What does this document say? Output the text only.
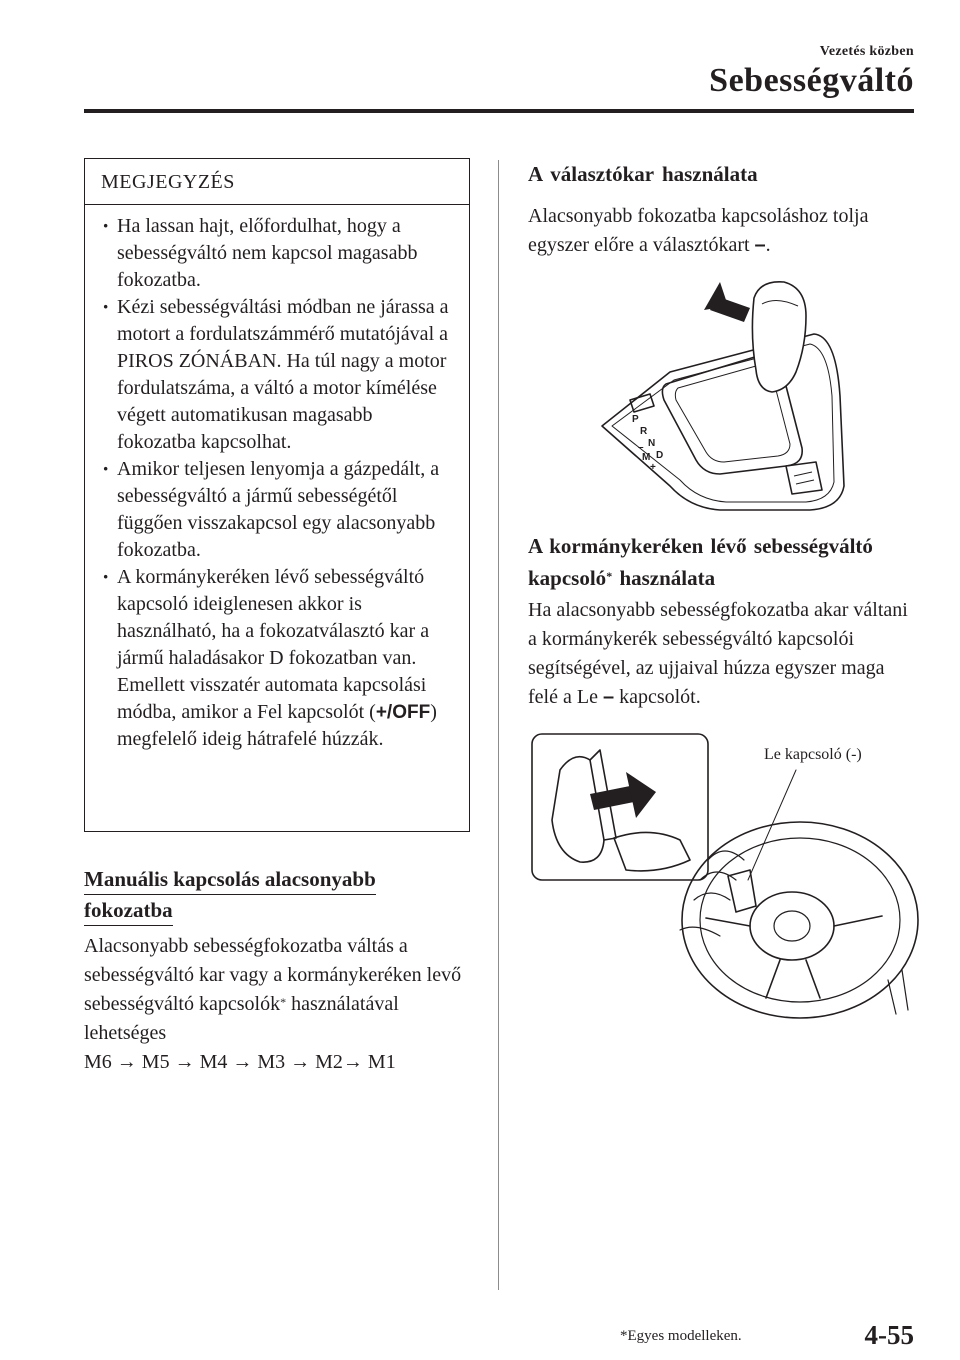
Vezetés közben
Sebességváltó
MEGJEGYZÉS
· Ha lassan hajt, előfordulhat, hogy a sebességváltó nem kapcsol magasabb fokozatba.
· Kézi sebességváltási módban ne járassa a motort a fordulatszámmérő mutatójával a PIROS ZÓNÁBAN. Ha túl nagy a motor fordulatszáma, a váltó a motor kímélése végett automatikusan magasabb fokozatba kapcsolhat.
· Amikor teljesen lenyomja a gázpedált, a sebességváltó a jármű sebességétől függően visszakapcsol egy alacsonyabb fokozatba.
· A kormánykeréken lévő sebességváltó kapcsoló ideiglenesen akkor is használható, ha a fokozatválasztó kar a jármű haladásakor D fokozatban van. Emellett visszatér automata kapcsolási módba, amikor a Fel kapcsolót (+/OFF) megfelelő ideig hátrafelé húzzák.
Manuális kapcsolás alacsonyabb
fokozatba
Alacsonyabb sebességfokozatba váltás a sebességváltó kar vagy a kormánykeréken levő sebességváltó kapcsolók* használatával lehetséges
M6 → M5 → M4 → M3 → M2→ M1
A választókar használata
Alacsonyabb fokozatba kapcsoláshoz tolja egyszer előre a választókart –.
P
R
N
D
M
+
–
A kormánykeréken lévő sebességváltó kapcsoló* használata
Ha alacsonyabb sebességfokozatba akar váltani a kormánykerék sebességváltó kapcsolói segítségével, az ujjaival húzza egyszer maga felé a Le – kapcsolót.
Le kapcsoló (-)
*Egyes modelleken.	4-55
